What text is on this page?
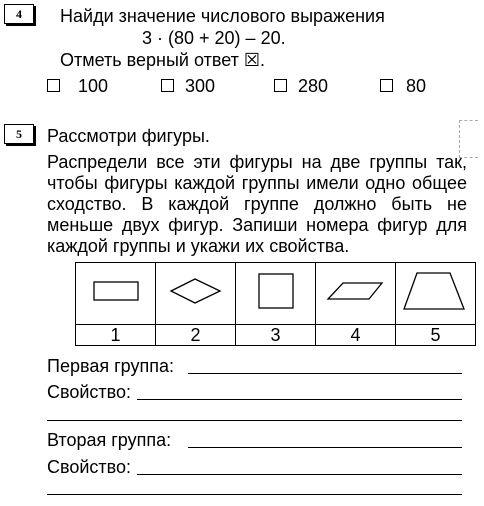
4	Найди значение числового выражения
3 · (80 + 20) – 20.
Отметь верный ответ ☒.
100	300	280	80
5	Рассмотри фигуры.
Распредели все эти фигуры на две группы так, чтобы фигуры каждой группы имели одно общее сходство. В каждой группе должно быть не меньше двух фигур. Запиши номера фигур для каждой группы и укажи их свойства.

1	2	3	4	5
Первая группа:
Свойство:
Вторая группа:
Свойство:
